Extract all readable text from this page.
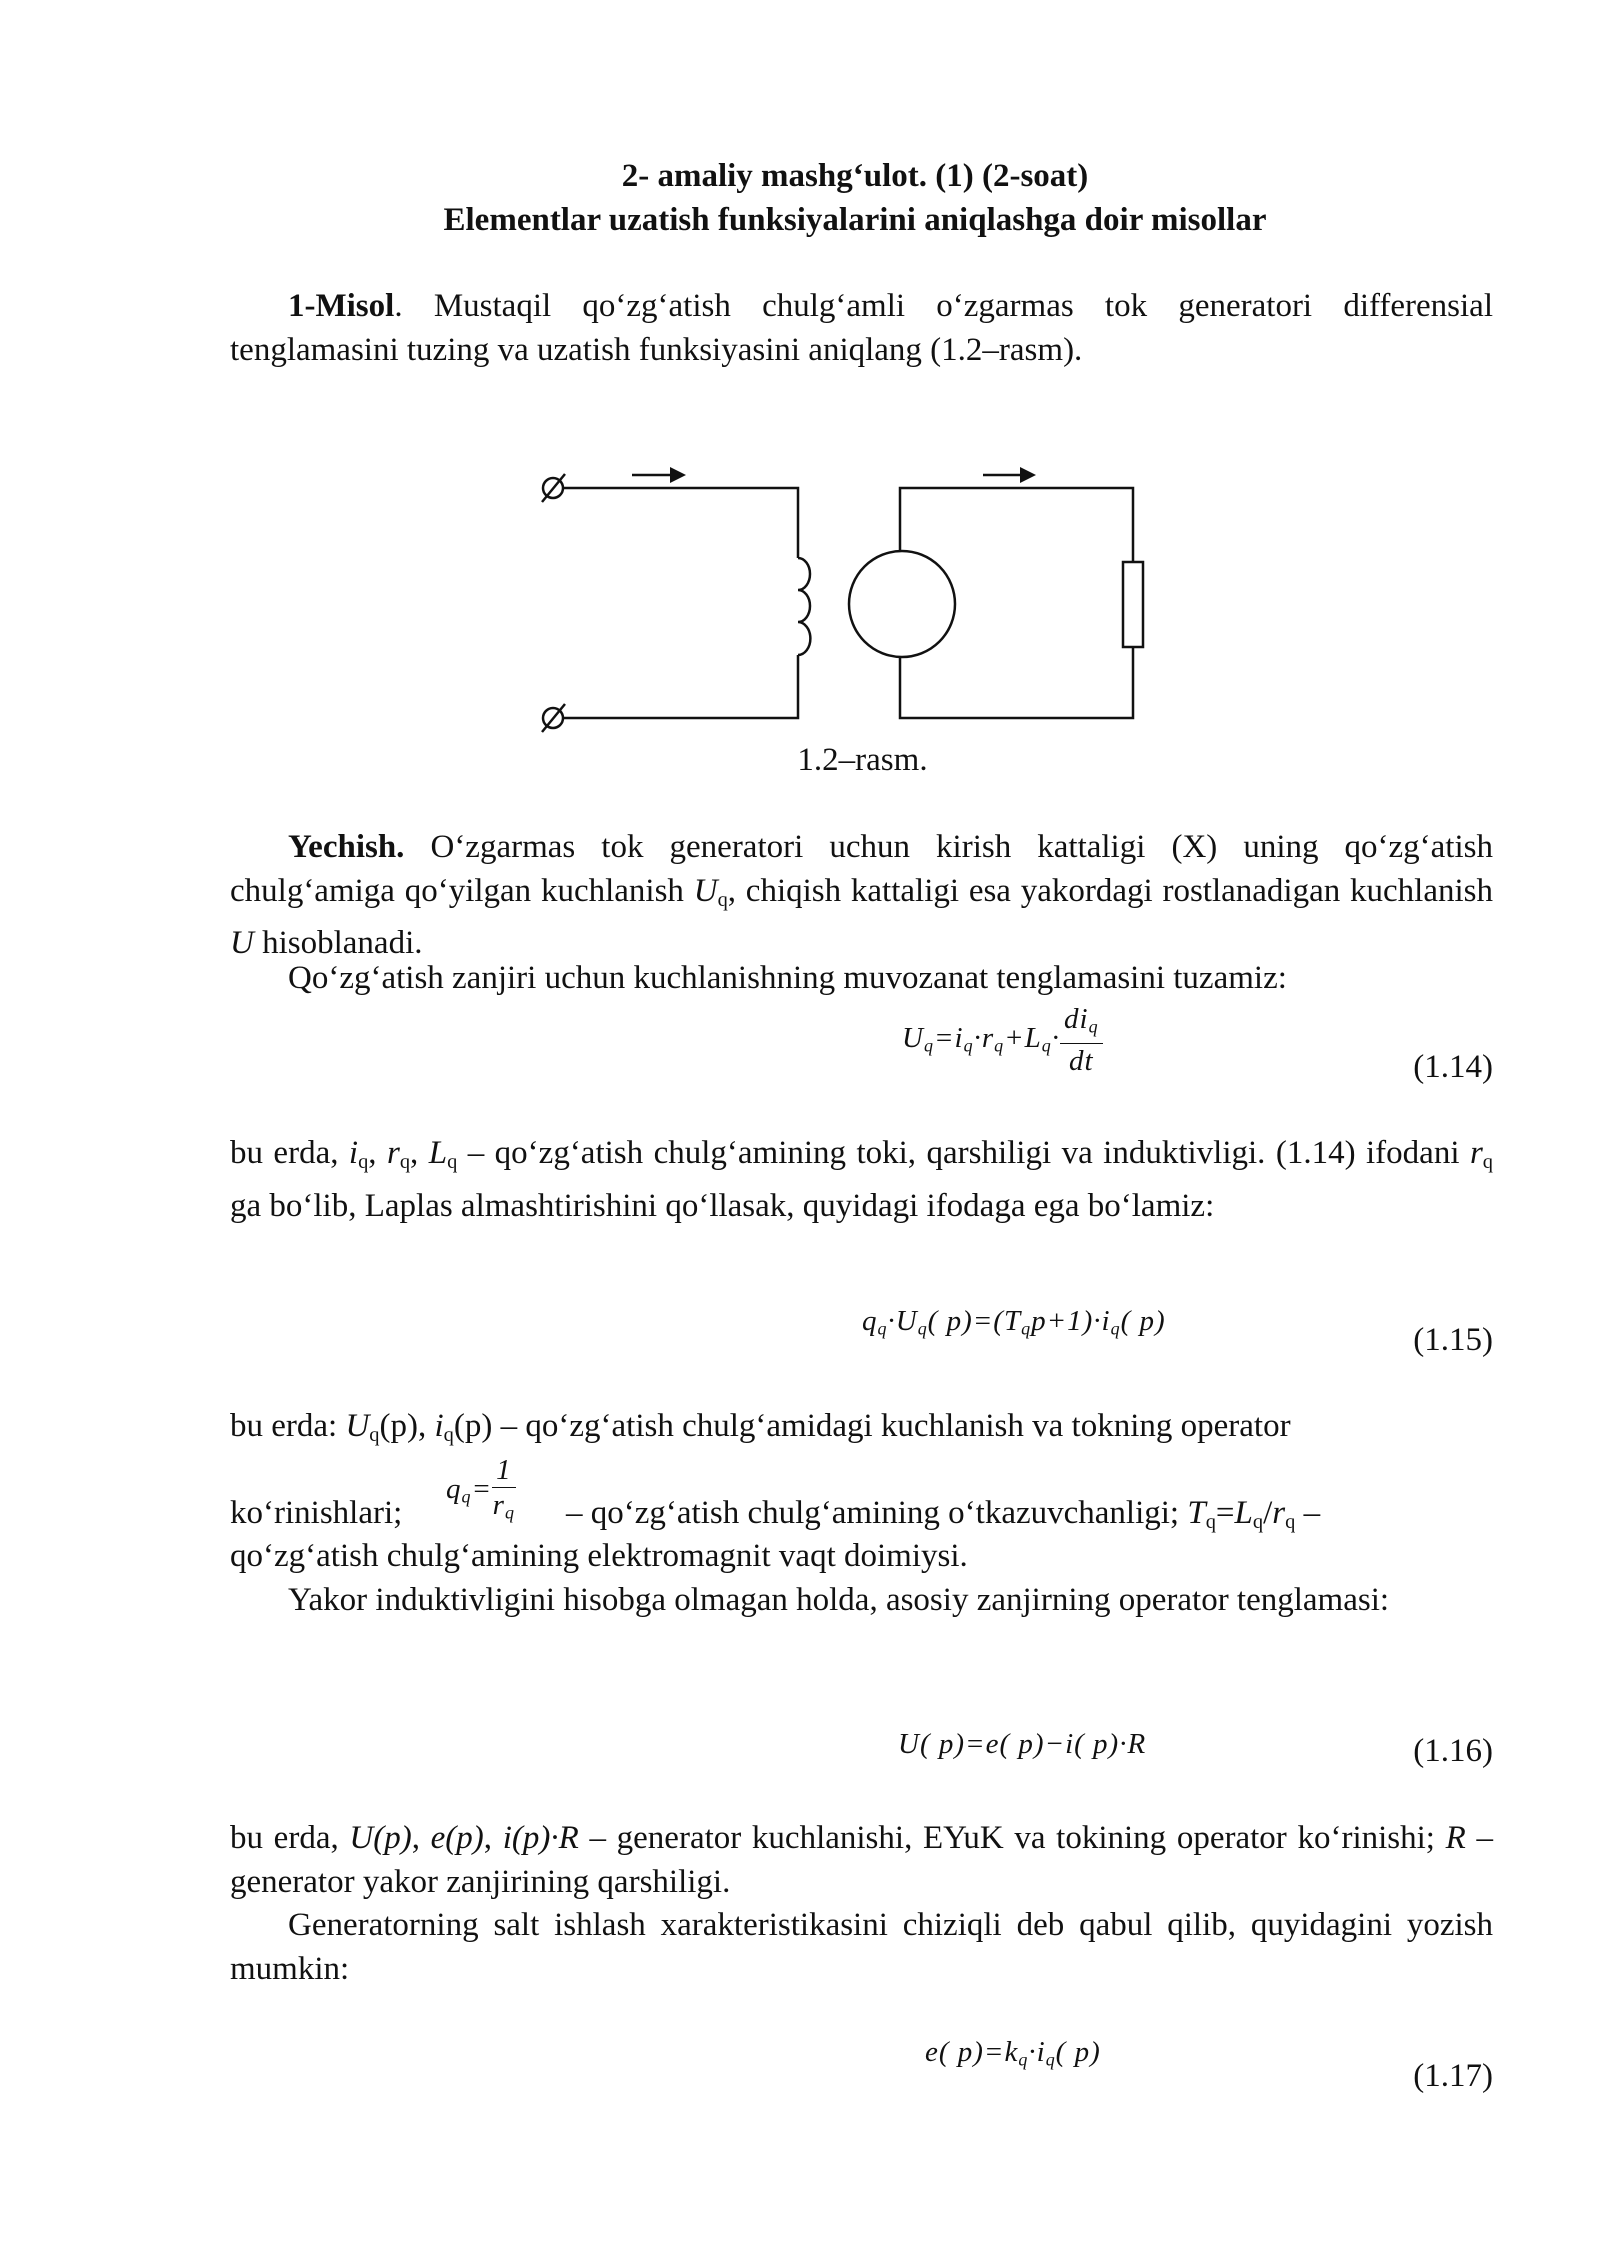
2- amaliy mashg‘ulot. (1) (2-soat)
Elementlar uzatish funksiyalarini aniqlashga doir misollar
1-Misol. Mustaqil qo‘zg‘atish chulg‘amli o‘zgarmas tok generatori differensial tenglamasini tuzing va uzatish funksiyasini aniqlang (1.2–rasm).
1.2–rasm.
Yechish. O‘zgarmas tok generatori uchun kirish kattaligi (X) uning qo‘zg‘atish chulg‘amiga qo‘yilgan kuchlanish $U_q$, chiqish kattaligi esa yakordagi rostlanadigan kuchlanish U hisoblanadi.
Qo‘zg‘atish zanjiri uchun kuchlanishning muvozanat tenglamasini tuzamiz:
$U_q=i_q\cdot r_q+L_q\cdot \frac{di_q}{dt}$	(1.14)
bu erda, $i_q$, $r_q$, $L_q$ – qo‘zg‘atish chulg‘amining toki, qarshiligi va induktivligi. (1.14) ifodani $r_q$ ga bo‘lib, Laplas almashtirishini qo‘llasak, quyidagi ifodaga ega bo‘lamiz:
$q_q\cdot U_q$( $p)=(T_qp+1)\cdot i_q$( p)
(1.15)
bu erda: $U_q(p)$, $i_q(p)$ – qo‘zg‘atish chulg‘amidagi kuchlanish va tokning operator
$q_q= \frac{1}{r_q}$
ko‘rinishlari;	– qo‘zg‘atish chulg‘amining o‘tkazuvchanligi; $T_q=L_q/r_q$ –
qo‘zg‘atish chulg‘amining elektromagnit vaqt doimiysi.
Yakor induktivligini hisobga olmagan holda, asosiy zanjirning operator tenglamasi:
U( p)=e( p)−i( p)·R	(1.16)
bu erda, U(p), e(p), i(p)·R – generator kuchlanishi, EYuK va tokining operator ko‘rinishi; R – generator yakor zanjirining qarshiligi.
Generatorning salt ishlash xarakteristikasini chiziqli deb qabul qilib, quyidagini yozish mumkin:
e( $p)=k_q\cdot i_q$( p)
(1.17)
